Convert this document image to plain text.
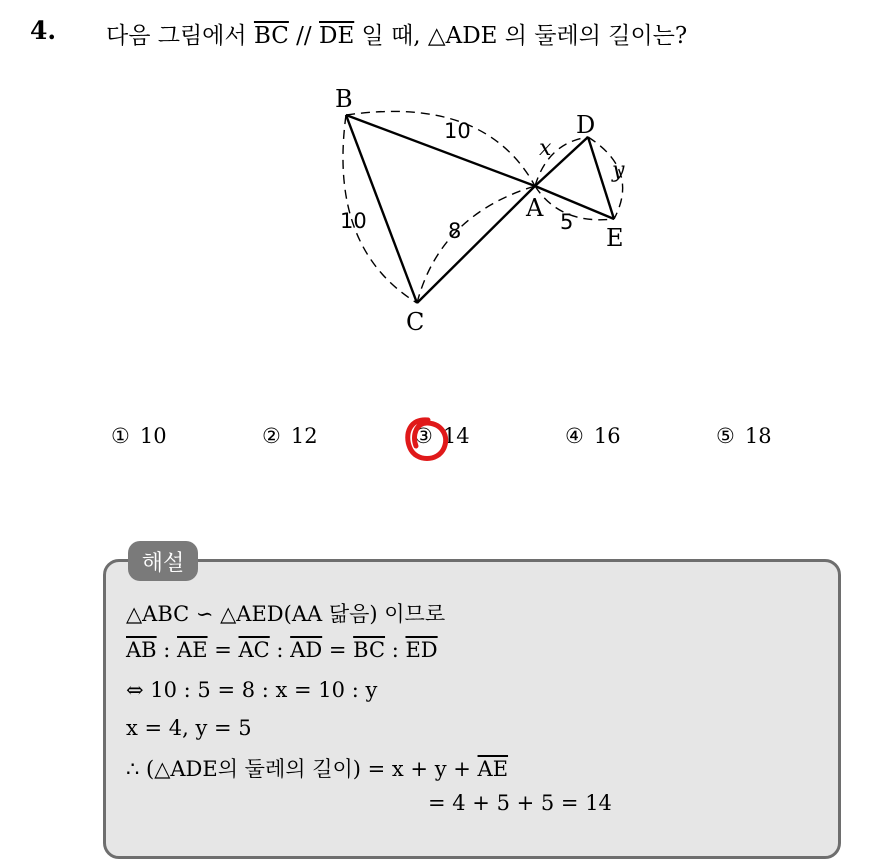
4. 다음 그림에서 $\overline{BC} // \overline{DE}$ 일 때, △ADE 의 둘레의 길이는?
B
C
A
D
E
10
10	8	5
x
y
① 10	② 12	③ 14	④ 16	⑤ 18
해설
△ABC ∽ △AED(AA 닮음) 이므로
$\overline{AB}$ : $\overline{AE} = \overline{AC}$ : $\overline{AD} = \overline{BC}$ : $\overline{ED}$
⇔ 10 : 5 = 8 : x = 10 : y
x = 4, y = 5
∴ (△ADE의 둘레의 길이) = $x + y + \overline{AE}$
= 4 + 5 + 5 = 14
